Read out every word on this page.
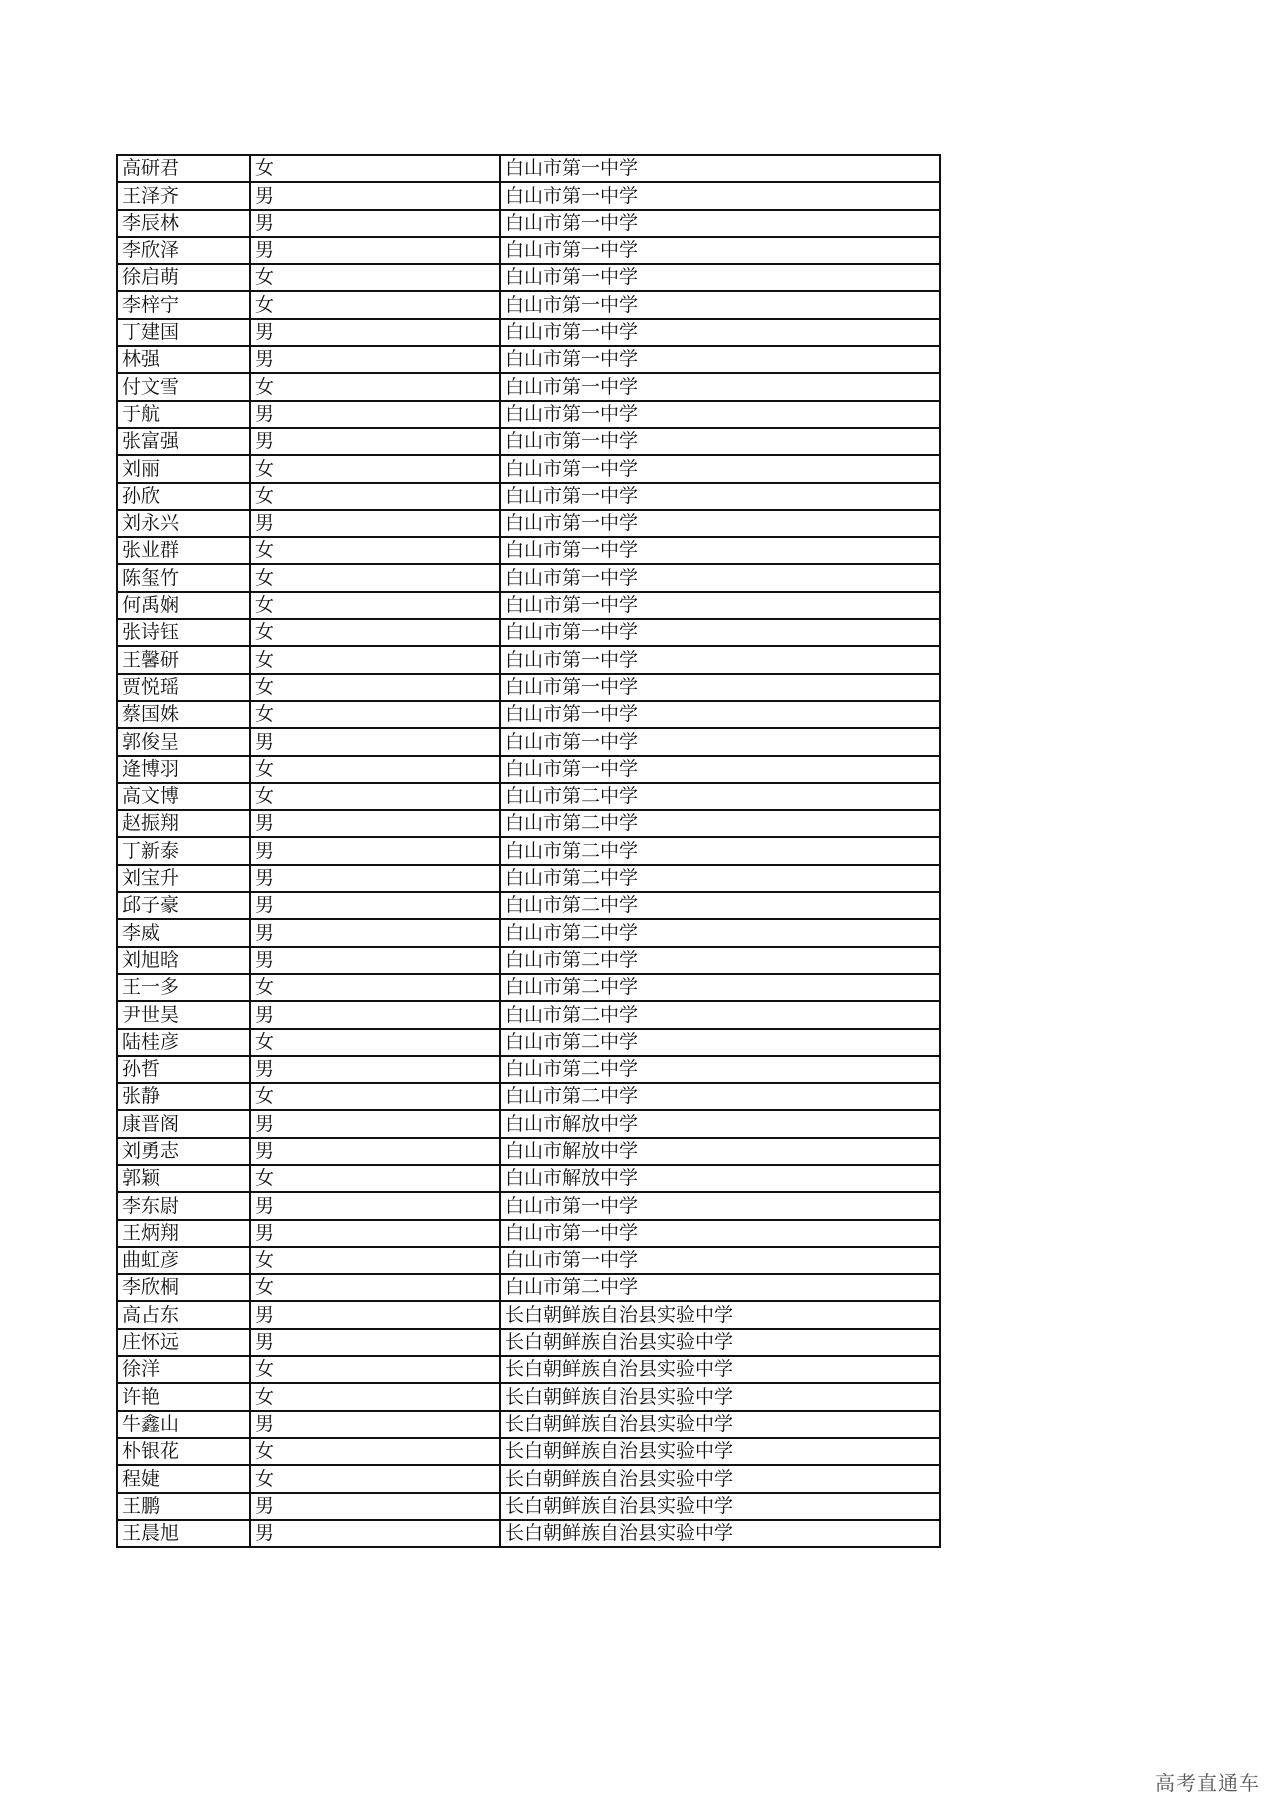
高研君	女	白山市第一中学
王泽齐	男	白山市第一中学
李辰林	男	白山市第一中学
李欣泽	男	白山市第一中学
徐启萌	女	白山市第一中学
李梓宁	女	白山市第一中学
丁建国	男	白山市第一中学
林强	男	白山市第一中学
付文雪	女	白山市第一中学
于航	男	白山市第一中学
张富强	男	白山市第一中学
刘丽	女	白山市第一中学
孙欣	女	白山市第一中学
刘永兴	男	白山市第一中学
张业群	女	白山市第一中学
陈玺竹	女	白山市第一中学
何禹娴	女	白山市第一中学
张诗钰	女	白山市第一中学
王馨研	女	白山市第一中学
贾悦瑶	女	白山市第一中学
蔡国姝	女	白山市第一中学
郭俊呈	男	白山市第一中学
逄博羽	女	白山市第一中学
高文博	女	白山市第二中学
赵振翔	男	白山市第二中学
丁新泰	男	白山市第二中学
刘宝升	男	白山市第二中学
邱子豪	男	白山市第二中学
李威	男	白山市第二中学
刘旭晗	男	白山市第二中学
王一多	女	白山市第二中学
尹世昊	男	白山市第二中学
陆桂彦	女	白山市第二中学
孙哲	男	白山市第二中学
张静	女	白山市第二中学
康晋阁	男	白山市解放中学
刘勇志	男	白山市解放中学
郭颖	女	白山市解放中学
李东尉	男	白山市第一中学
王炳翔	男	白山市第一中学
曲虹彦	女	白山市第一中学
李欣桐	女	白山市第二中学
高占东	男	长白朝鲜族自治县实验中学
庄怀远	男	长白朝鲜族自治县实验中学
徐洋	女	长白朝鲜族自治县实验中学
许艳	女	长白朝鲜族自治县实验中学
牛鑫山	男	长白朝鲜族自治县实验中学
朴银花	女	长白朝鲜族自治县实验中学
程婕	女	长白朝鲜族自治县实验中学
王鹏	男	长白朝鲜族自治县实验中学
王晨旭	男	长白朝鲜族自治县实验中学
高考直通车
